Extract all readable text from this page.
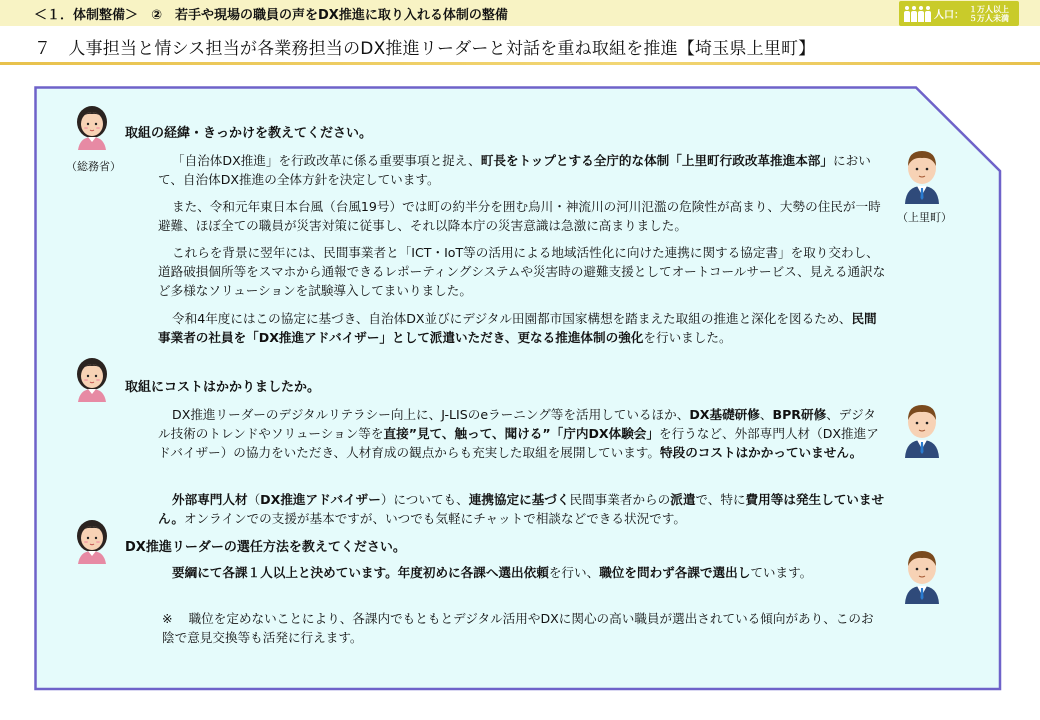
＜１．体制整備＞　②　若手や現場の職員の声をDX推進に取り入れる体制の整備	人口：
１万人以上
５万人未満
７　人事担当と情シス担当が各業務担当のDX推進リーダーと対話を重ね取組を推進【埼玉県上里町】
（総務省）
（上里町）
取組の経緯・きっかけを教えてください。
「自治体DX推進」を行政改革に係る重要事項と捉え、町長をトップとする全庁的な体制「上里町行政改革推進本部」において、自治体DX推進の全体方針を決定しています。
また、令和元年東日本台風（台風19号）では町の約半分を囲む烏川・神流川の河川氾濫の危険性が高まり、大勢の住民が一時避難、ほぼ全ての職員が災害対策に従事し、それ以降本庁の災害意識は急激に高まりました。
これらを背景に翌年には、民間事業者と「ICT・IoT等の活用による地域活性化に向けた連携に関する協定書」を取り交わし、道路破損個所等をスマホから通報できるレポーティングシステムや災害時の避難支援としてオートコールサービス、見える通訳など多様なソリューションを試験導入してまいりました。
令和4年度にはこの協定に基づき、自治体DX並びにデジタル田園都市国家構想を踏まえた取組の推進と深化を図るため、民間事業者の社員を「DX推進アドバイザー」として派遣いただき、更なる推進体制の強化を行いました。
取組にコストはかかりましたか。
DX推進リーダーのデジタルリテラシー向上に、J-LISのeラーニング等を活用しているほか、DX基礎研修、BPR研修、デジタル技術のトレンドやソリューション等を直接”見て、触って、聞ける”「庁内DX体験会」を行うなど、外部専門人材（DX推進アドバイザー）の協力をいただき、人材育成の観点からも充実した取組を展開しています。特段のコストはかかっていません。
外部専門人材（DX推進アドバイザー）についても、連携協定に基づく民間事業者からの派遣で、特に費用等は発生していません。オンラインでの支援が基本ですが、いつでも気軽にチャットで相談などできる状況です。
DX推進リーダーの選任方法を教えてください。
要綱にて各課１人以上と決めています。年度初めに各課へ選出依頼を行い、職位を問わず各課で選出しています。
※ 職位を定めないことにより、各課内でもともとデジタル活用やDXに関心の高い職員が選出されている傾向があり、このお陰で意見交換等も活発に行えます。
